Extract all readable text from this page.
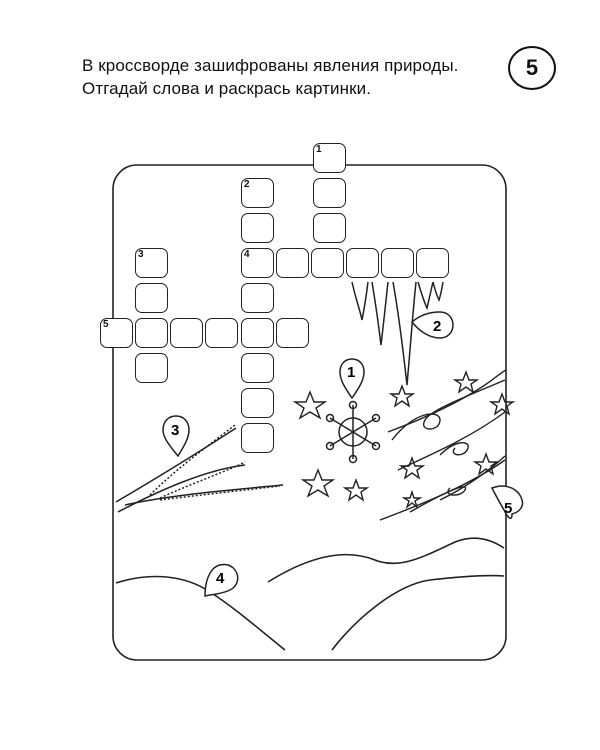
В кроссворде зашифрованы явления природы.
Отгадай слова и раскрась картинки.
5
1
2
3
4
5
1
2
3	4
5
